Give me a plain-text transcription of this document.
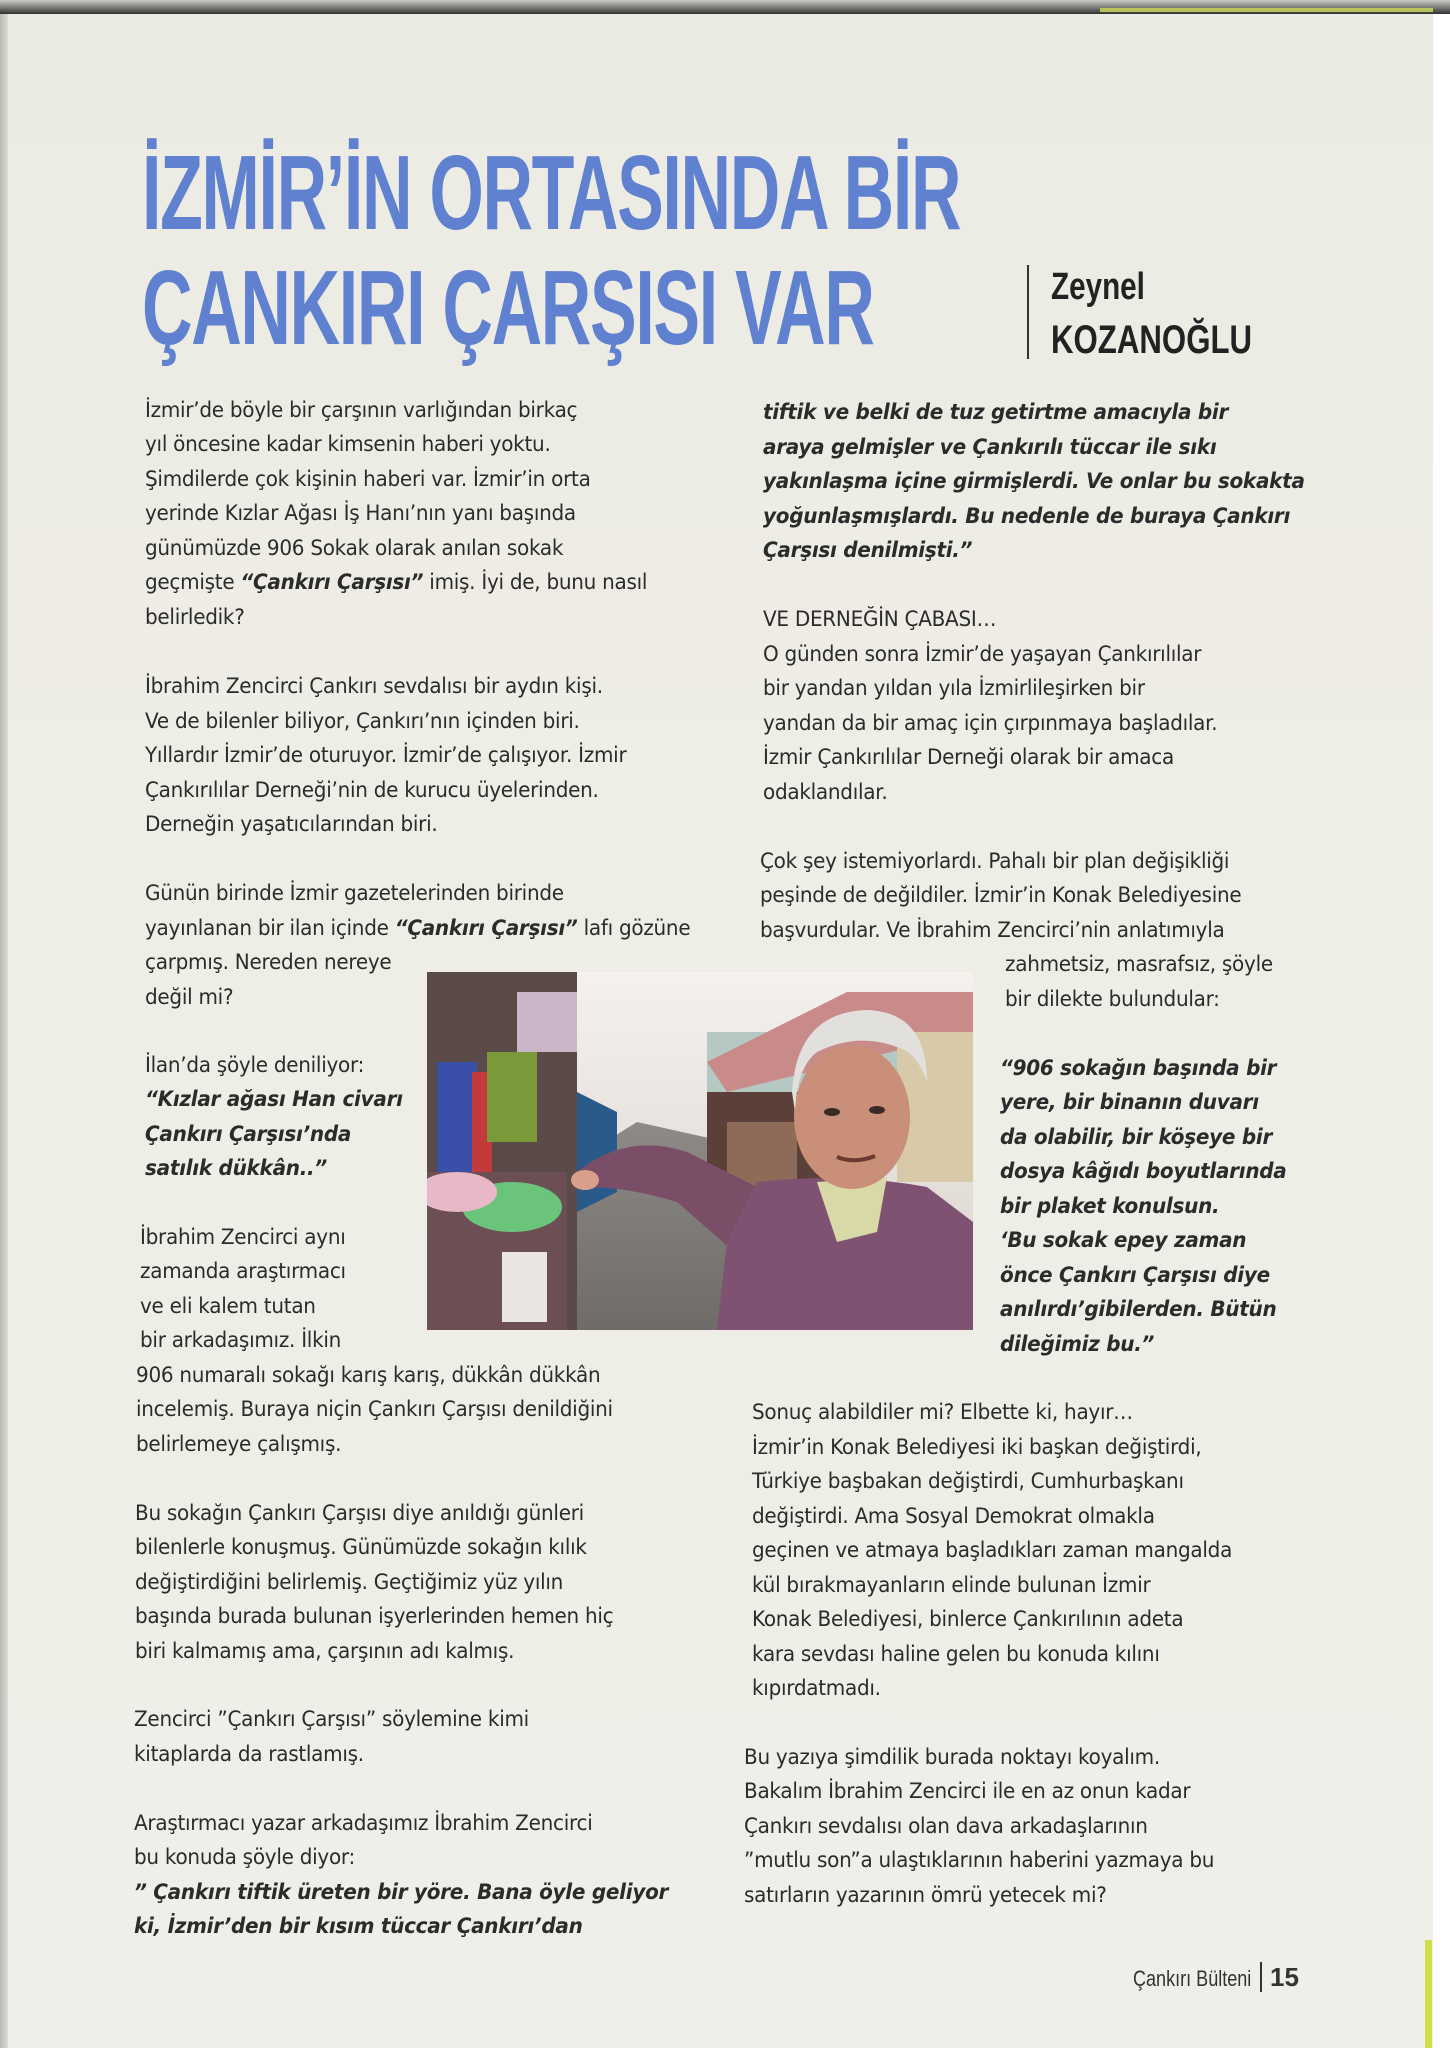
İZMİR’İN ORTASINDA BİR
ÇANKIRI ÇARŞISI VAR	Zeynel
KOZANOĞLU
İzmir’de böyle bir çarşının varlığından birkaç
yıl öncesine kadar kimsenin haberi yoktu.
Şimdilerde çok kişinin haberi var. İzmir’in orta
yerinde Kızlar Ağası İş Hanı’nın yanı başında
günümüzde 906 Sokak olarak anılan sokak
geçmişte “Çankırı Çarşısı” imiş. İyi de, bunu nasıl
belirledik?
İbrahim Zencirci Çankırı sevdalısı bir aydın kişi.
Ve de bilenler biliyor, Çankırı’nın içinden biri.
Yıllardır İzmir’de oturuyor. İzmir’de çalışıyor. İzmir
Çankırılılar Derneği’nin de kurucu üyelerinden.
Derneğin yaşatıcılarından biri.
Günün birinde İzmir gazetelerinden birinde
yayınlanan bir ilan içinde “Çankırı Çarşısı” lafı gözüne
çarpmış. Nereden nereye
değil mi?
İlan’da şöyle deniliyor:
“Kızlar ağası Han civarı
Çankırı Çarşısı’nda
satılık dükkân..”
İbrahim Zencirci aynı
zamanda araştırmacı
ve eli kalem tutan
bir arkadaşımız. İlkin
906 numaralı sokağı karış karış, dükkân dükkân
incelemiş. Buraya niçin Çankırı Çarşısı denildiğini
belirlemeye çalışmış.
Bu sokağın Çankırı Çarşısı diye anıldığı günleri
bilenlerle konuşmuş. Günümüzde sokağın kılık
değiştirdiğini belirlemiş. Geçtiğimiz yüz yılın
başında burada bulunan işyerlerinden hemen hiç
biri kalmamış ama, çarşının adı kalmış.
Zencirci ”Çankırı Çarşısı” söylemine kimi
kitaplarda da rastlamış.
Araştırmacı yazar arkadaşımız İbrahim Zencirci
bu konuda şöyle diyor:
” Çankırı tiftik üreten bir yöre. Bana öyle geliyor
ki, İzmir’den bir kısım tüccar Çankırı’dan
tiftik ve belki de tuz getirtme amacıyla bir
araya gelmişler ve Çankırılı tüccar ile sıkı
yakınlaşma içine girmişlerdi. Ve onlar bu sokakta
yoğunlaşmışlardı. Bu nedenle de buraya Çankırı
Çarşısı denilmişti.”
VE DERNEĞİN ÇABASI…
O günden sonra İzmir’de yaşayan Çankırılılar
bir yandan yıldan yıla İzmirlileşirken bir
yandan da bir amaç için çırpınmaya başladılar.
İzmir Çankırılılar Derneği olarak bir amaca
odaklandılar.
Çok şey istemiyorlardı. Pahalı bir plan değişikliği
peşinde de değildiler. İzmir’in Konak Belediyesine
başvurdular. Ve İbrahim Zencirci’nin anlatımıyla
zahmetsiz, masrafsız, şöyle
bir dilekte bulundular:
“906 sokağın başında bir
yere, bir binanın duvarı
da olabilir, bir köşeye bir
dosya kâğıdı boyutlarında
bir plaket konulsun.
‘Bu sokak epey zaman
önce Çankırı Çarşısı diye
anılırdı’gibilerden. Bütün
dileğimiz bu.”
Sonuç alabildiler mi? Elbette ki, hayır…
İzmir’in Konak Belediyesi iki başkan değiştirdi,
Türkiye başbakan değiştirdi, Cumhurbaşkanı
değiştirdi. Ama Sosyal Demokrat olmakla
geçinen ve atmaya başladıkları zaman mangalda
kül bırakmayanların elinde bulunan İzmir
Konak Belediyesi, binlerce Çankırılının adeta
kara sevdası haline gelen bu konuda kılını
kıpırdatmadı.
Bu yazıya şimdilik burada noktayı koyalım.
Bakalım İbrahim Zencirci ile en az onun kadar
Çankırı sevdalısı olan dava arkadaşlarının
”mutlu son”a ulaştıklarının haberini yazmaya bu
satırların yazarının ömrü yetecek mi?
Çankırı Bülteni 15
